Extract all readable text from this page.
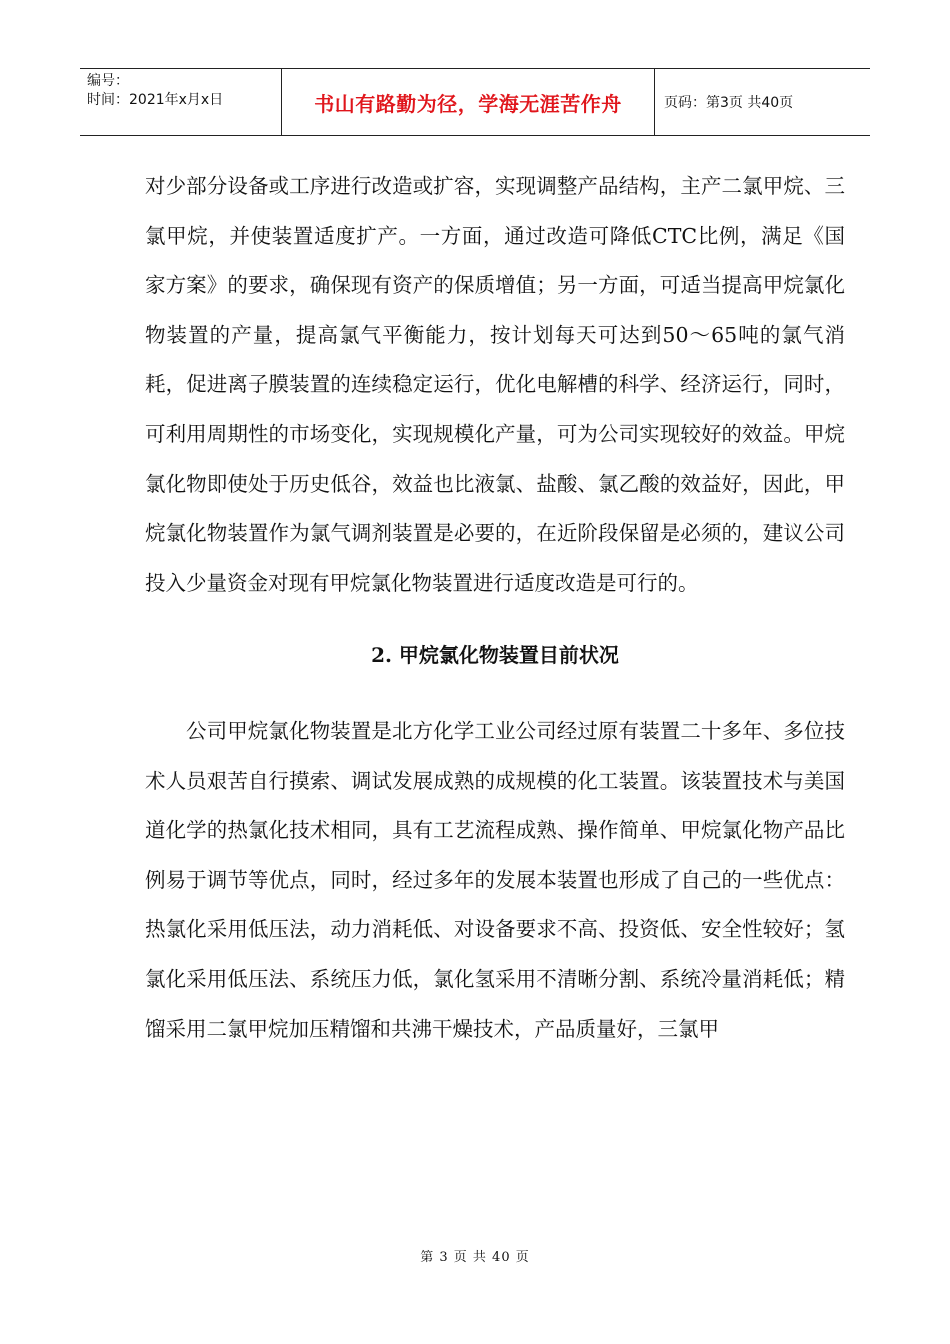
编号：
时间：2021年x月x日	书山有路勤为径，学海无涯苦作舟	页码：第3页 共40页

对少部分设备或工序进行改造或扩容，实现调整产品结构，主产二氯甲烷、三氯甲烷，并使装置适度扩产。一方面，通过改造可降低CTC比例，满足《国家方案》的要求，确保现有资产的保质增值；另一方面，可适当提高甲烷氯化物装置的产量，提高氯气平衡能力，按计划每天可达到50～65吨的氯气消耗，促进离子膜装置的连续稳定运行，优化电解槽的科学、经济运行，同时，可利用周期性的市场变化，实现规模化产量，可为公司实现较好的效益。甲烷氯化物即使处于历史低谷，效益也比液氯、盐酸、氯乙酸的效益好，因此，甲烷氯化物装置作为氯气调剂装置是必要的，在近阶段保留是必须的，建议公司投入少量资金对现有甲烷氯化物装置进行适度改造是可行的。

2. 甲烷氯化物装置目前状况

公司甲烷氯化物装置是北方化学工业公司经过原有装置二十多年、多位技术人员艰苦自行摸索、调试发展成熟的成规模的化工装置。该装置技术与美国道化学的热氯化技术相同，具有工艺流程成熟、操作简单、甲烷氯化物产品比例易于调节等优点，同时，经过多年的发展本装置也形成了自己的一些优点：热氯化采用低压法，动力消耗低、对设备要求不高、投资低、安全性较好；氢氯化采用低压法、系统压力低，氯化氢采用不清晰分割、系统冷量消耗低；精馏采用二氯甲烷加压精馏和共沸干燥技术，产品质量好，三氯甲

第 3 页 共 40 页
